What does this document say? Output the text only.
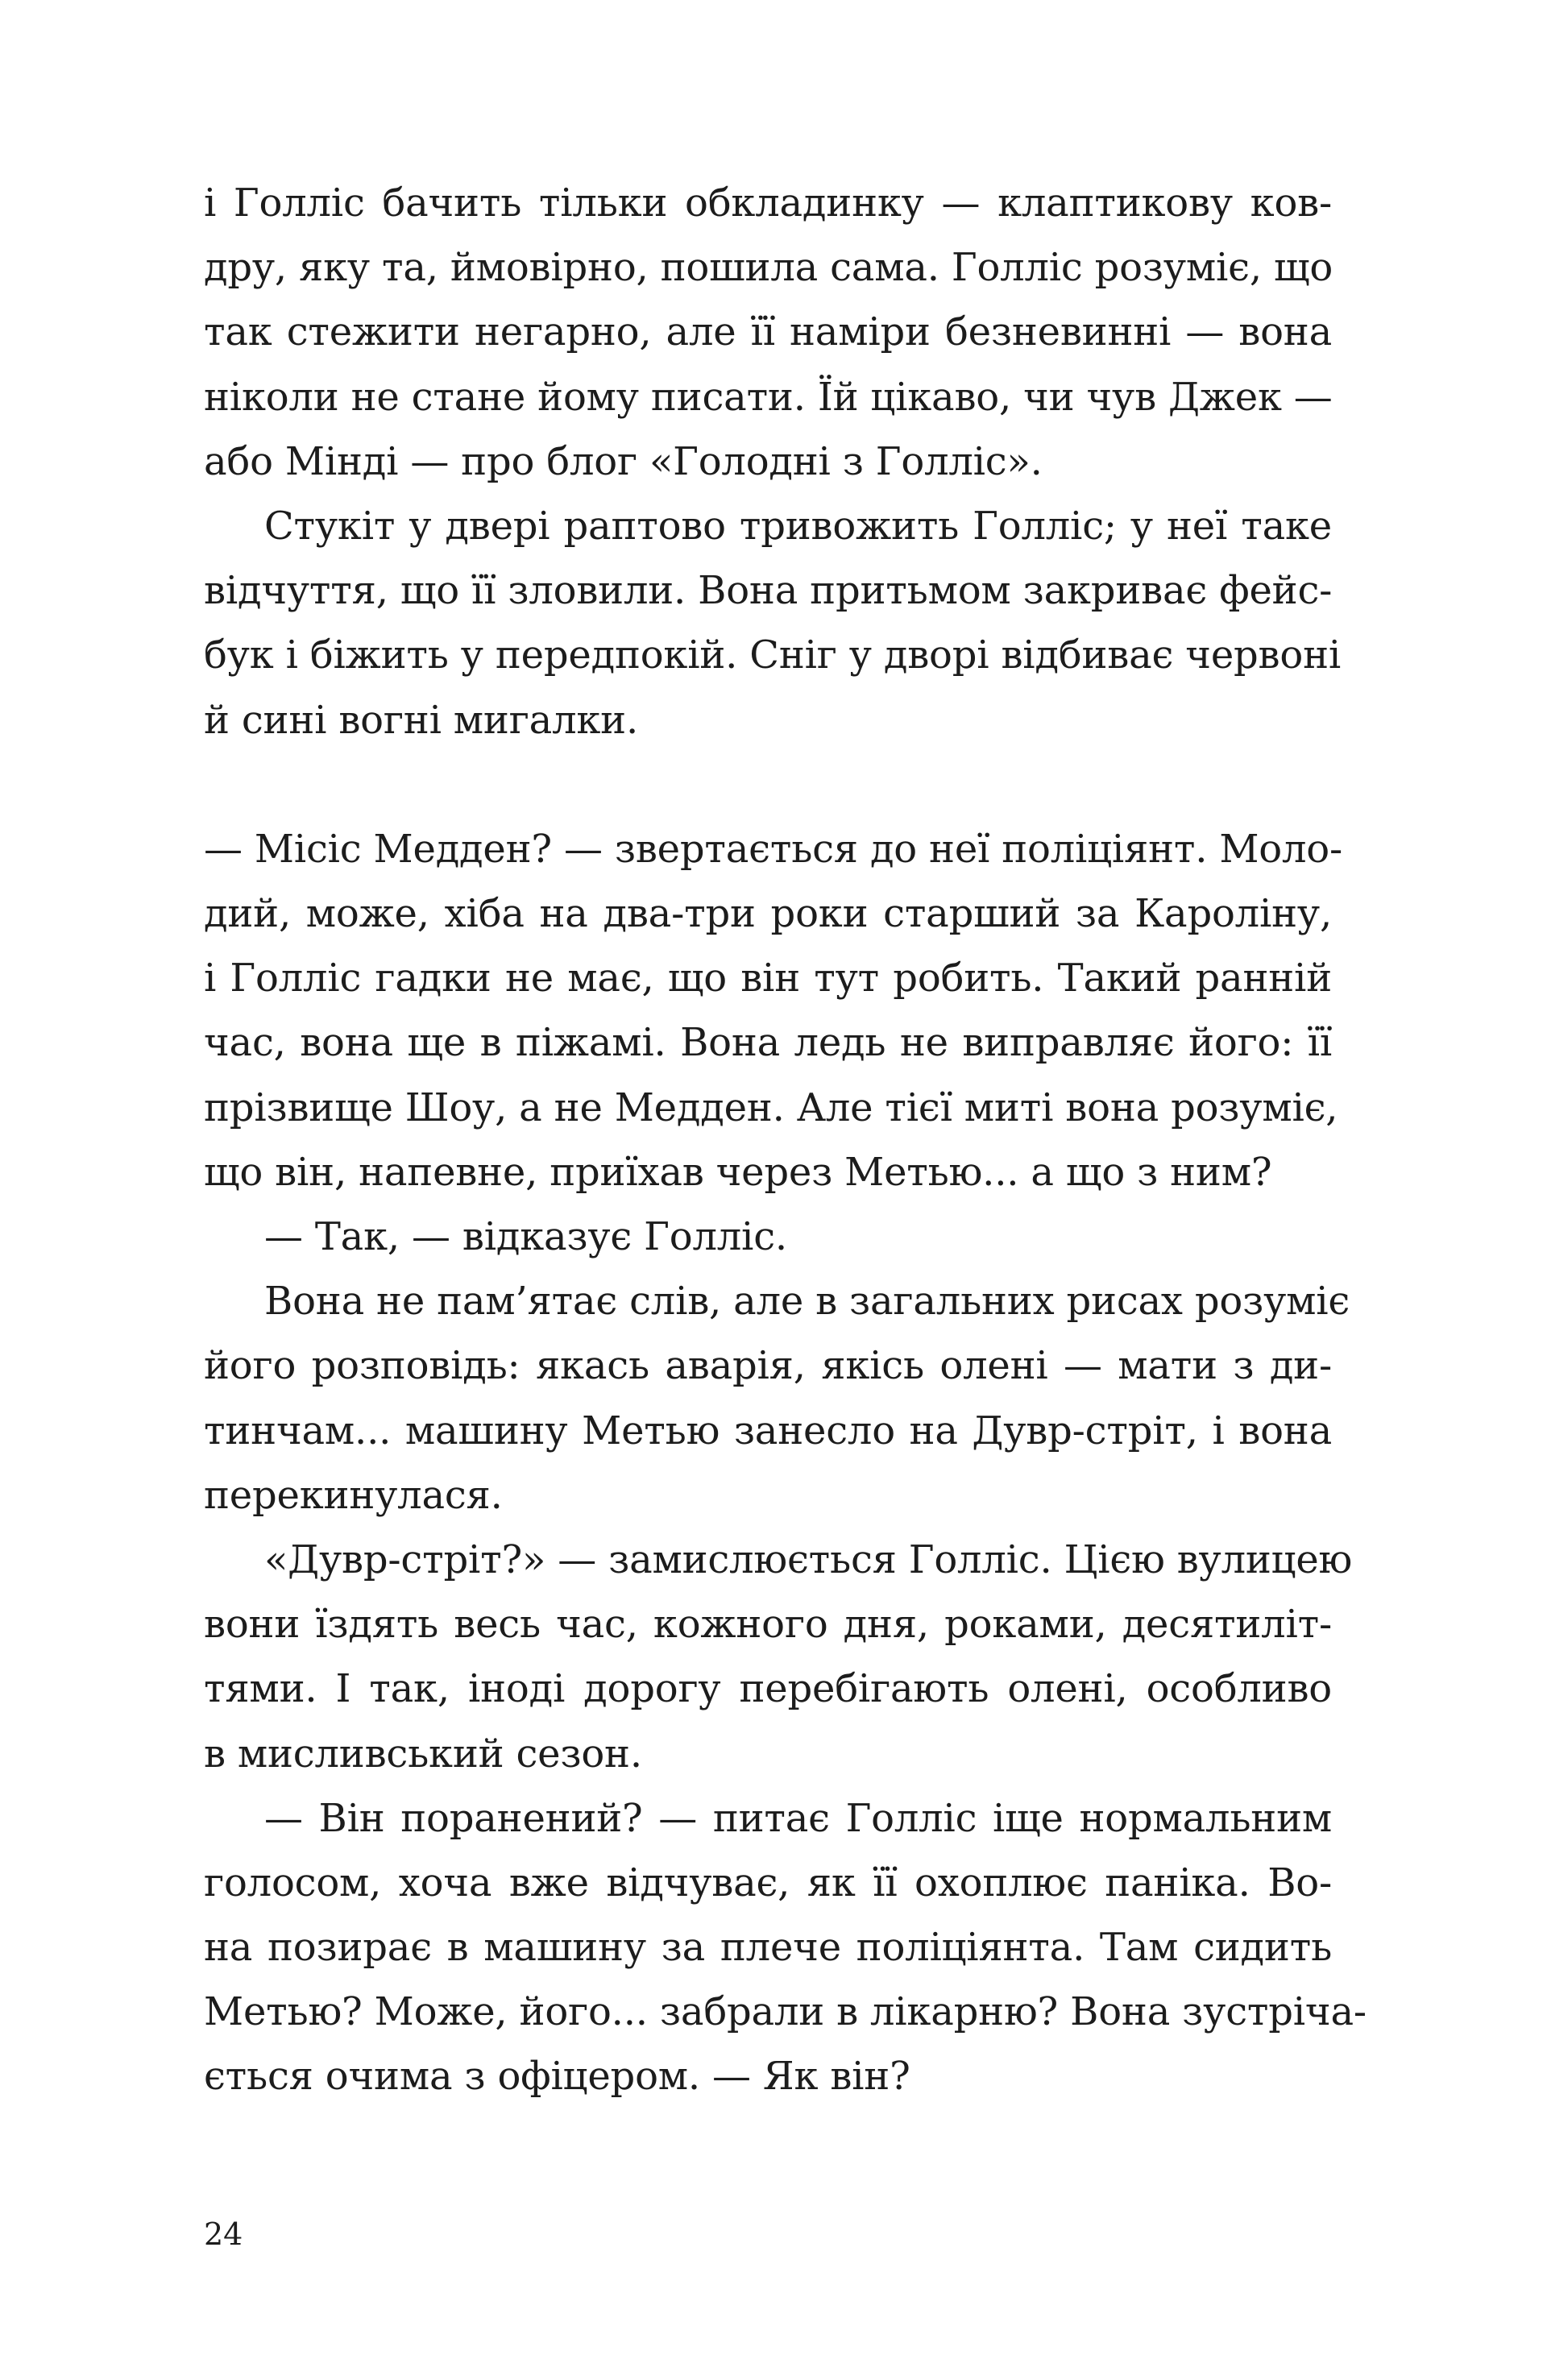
і Голліс бачить тільки обкладинку — клаптикову ков-
дру, яку та, ймовірно, пошила сама. Голліс розуміє, що
так стежити негарно, але її наміри безневинні — вона
ніколи не стане йому писати. Їй цікаво, чи чув Джек —
або Мінді — про блог «Голодні з Голліс».
Стукіт у двері раптово тривожить Голліс; у неї таке
відчуття, що її зловили. Вона притьмом закриває фейс-
бук і біжить у передпокій. Сніг у дворі відбиває червоні
й сині вогні мигалки.
— Місіс Медден? — звертається до неї поліціянт. Моло-
дий, може, хіба на два-три роки старший за Кароліну,
і Голліс гадки не має, що він тут робить. Такий ранній
час, вона ще в піжамі. Вона ледь не виправляє його: її
прізвище Шоу, а не Медден. Але тієї миті вона розуміє,
що він, напевне, приїхав через Метью... а що з ним?
— Так, — відказує Голліс.
Вона не пам’ятає слів, але в загальних рисах розуміє
його розповідь: якась аварія, якісь олені — мати з ди-
тинчам... машину Метью занесло на Дувр-стріт, і вона
перекинулася.
«Дувр-стріт?» — замислюється Голліс. Цією вулицею
вони їздять весь час, кожного дня, роками, десятиліт-
тями. І так, іноді дорогу перебігають олені, особливо
в мисливський сезон.
— Він поранений? — питає Голліс іще нормальним
голосом, хоча вже відчуває, як її охоплює паніка. Во-
на позирає в машину за плече поліціянта. Там сидить
Метью? Може, його... забрали в лікарню? Вона зустріча-
ється очима з офіцером. — Як він?
24
